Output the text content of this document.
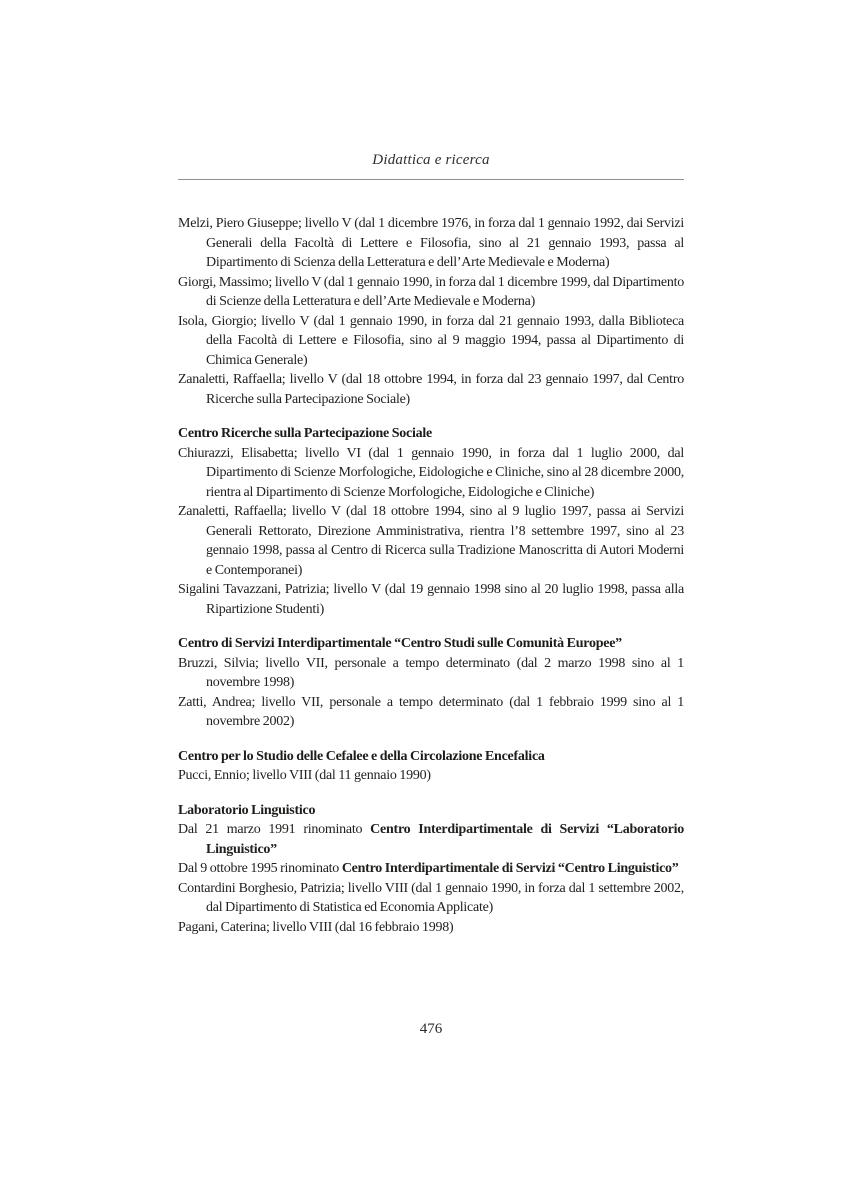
Didattica e ricerca

Melzi, Piero Giuseppe; livello V (dal 1 dicembre 1976, in forza dal 1 gennaio 1992, dai Servizi Generali della Facoltà di Lettere e Filosofia, sino al 21 gennaio 1993, passa al Dipartimento di Scienza della Letteratura e dell’Arte Medievale e Moderna)

Giorgi, Massimo; livello V (dal 1 gennaio 1990, in forza dal 1 dicembre 1999, dal Dipartimento di Scienze della Letteratura e dell’Arte Medievale e Moderna)

Isola, Giorgio; livello V (dal 1 gennaio 1990, in forza dal 21 gennaio 1993, dalla Biblioteca della Facoltà di Lettere e Filosofia, sino al 9 maggio 1994, passa al Dipartimento di Chimica Generale)

Zanaletti, Raffaella; livello V (dal 18 ottobre 1994, in forza dal 23 gennaio 1997, dal Centro Ricerche sulla Partecipazione Sociale)

Centro Ricerche sulla Partecipazione Sociale

Chiurazzi, Elisabetta; livello VI (dal 1 gennaio 1990, in forza dal 1 luglio 2000, dal Dipartimento di Scienze Morfologiche, Eidologiche e Cliniche, sino al 28 dicembre 2000, rientra al Dipartimento di Scienze Morfologiche, Eidologiche e Cliniche)

Zanaletti, Raffaella; livello V (dal 18 ottobre 1994, sino al 9 luglio 1997, passa ai Servizi Generali Rettorato, Direzione Amministrativa, rientra l’8 settembre 1997, sino al 23 gennaio 1998, passa al Centro di Ricerca sulla Tradizione Manoscritta di Autori Moderni e Contemporanei)

Sigalini Tavazzani, Patrizia; livello V (dal 19 gennaio 1998 sino al 20 luglio 1998, passa alla Ripartizione Studenti)

Centro di Servizi Interdipartimentale “Centro Studi sulle Comunità Europee”

Bruzzi, Silvia; livello VII, personale a tempo determinato (dal 2 marzo 1998 sino al 1 novembre 1998)

Zatti, Andrea; livello VII, personale a tempo determinato (dal 1 febbraio 1999 sino al 1 novembre 2002)

Centro per lo Studio delle Cefalee e della Circolazione Encefalica

Pucci, Ennio; livello VIII (dal 11 gennaio 1990)

Laboratorio Linguistico

Dal 21 marzo 1991 rinominato Centro Interdipartimentale di Servizi “Laboratorio Linguistico”

Dal 9 ottobre 1995 rinominato Centro Interdipartimentale di Servizi “Centro Linguistico”

Contardini Borghesio, Patrizia; livello VIII (dal 1 gennaio 1990, in forza dal 1 settembre 2002, dal Dipartimento di Statistica ed Economia Applicate)

Pagani, Caterina; livello VIII (dal 16 febbraio 1998)

476
